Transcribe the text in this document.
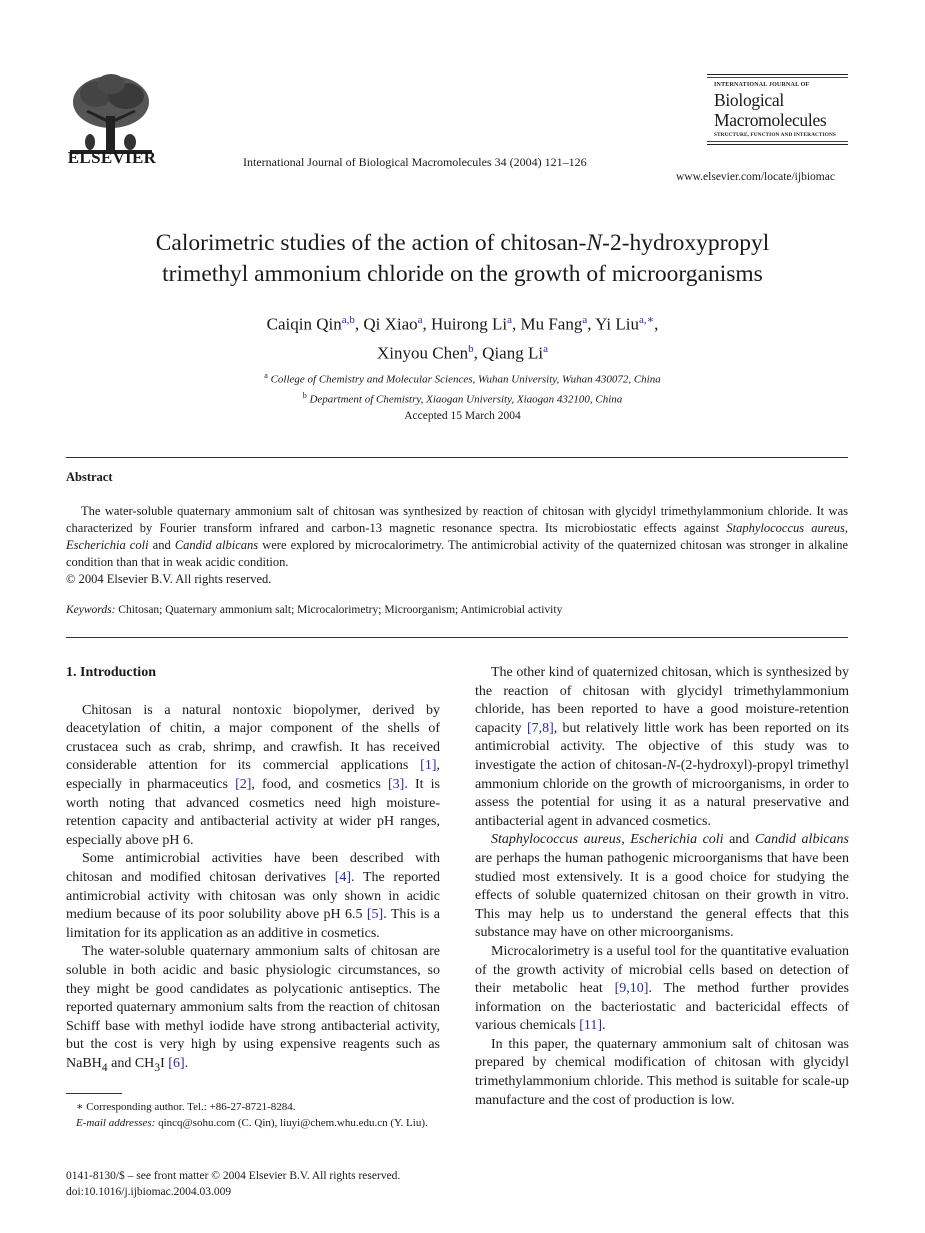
ELSEVIER	International Journal of Biological Macromolecules 34 (2004) 121–126
INTERNATIONAL JOURNAL OF
Biological
Macromolecules
STRUCTURE, FUNCTION AND INTERACTIONS
www.elsevier.com/locate/ijbiomac
Calorimetric studies of the action of chitosan-N-2-hydroxypropyl
trimethyl ammonium chloride on the growth of microorganisms
Caiqin Qin$^{a,b}$, Qi Xiao$^a$, Huirong Li$^a$, Mu Fang$^a$, Yi Liu$^{a,∗}$,
Xinyou Chen$^b$, Qiang Li$^a$
$^a$ College of Chemistry and Molecular Sciences, Wuhan University, Wuhan 430072, China
$^b$ Department of Chemistry, Xiaogan University, Xiaogan 432100, China
Accepted 15 March 2004
Abstract

The water-soluble quaternary ammonium salt of chitosan was synthesized by reaction of chitosan with glycidyl trimethylammonium chloride. It was characterized by Fourier transform infrared and carbon-13 magnetic resonance spectra. Its microbiostatic effects against Staphylococcus aureus, Escherichia coli and Candid albicans were explored by microcalorimetry. The antimicrobial activity of the quaternized chitosan was stronger in alkaline condition than that in weak acidic condition.

© 2004 Elsevier B.V. All rights reserved.

Keywords: Chitosan; Quaternary ammonium salt; Microcalorimetry; Microorganism; Antimicrobial activity
1. Introduction

Chitosan is a natural nontoxic biopolymer, derived by deacetylation of chitin, a major component of the shells of crustacea such as crab, shrimp, and crawfish. It has received considerable attention for its commercial applications [1], especially in pharmaceutics [2], food, and cosmetics [3]. It is worth noting that advanced cosmetics need high moisture-retention capacity and antibacterial activity at wider pH ranges, especially above pH 6.

Some antimicrobial activities have been described with chitosan and modified chitosan derivatives [4]. The reported antimicrobial activity with chitosan was only shown in acidic medium because of its poor solubility above pH 6.5 [5]. This is a limitation for its application as an additive in cosmetics.

The water-soluble quaternary ammonium salts of chitosan are soluble in both acidic and basic physiologic circumstances, so they might be good candidates as polycationic antiseptics. The reported quaternary ammonium salts from the reaction of chitosan Schiff base with methyl iodide have strong antibacterial activity, but the cost is very high by using expensive reagents such as NaBH$_4$ and $CH_3I$ [6].

The other kind of quaternized chitosan, which is synthesized by the reaction of chitosan with glycidyl trimethylammonium chloride, has been reported to have a good moisture-retention capacity [7,8], but relatively little work has been reported on its antimicrobial activity. The objective of this study was to investigate the action of chitosan-N-(2-hydroxyl)-propyl trimethyl ammonium chloride on the growth of microorganisms, in order to assess the potential for using it as a natural preservative and antibacterial agent in advanced cosmetics.

Staphylococcus aureus, Escherichia coli and Candid albicans are perhaps the human pathogenic microorganisms that have been studied most extensively. It is a good choice for studying the effects of soluble quaternized chitosan on their growth in vitro. This may help us to understand the general effects that this substance may have on other microorganisms.

Microcalorimetry is a useful tool for the quantitative evaluation of the growth activity of microbial cells based on detection of their metabolic heat [9,10]. The method further provides information on the bacteriostatic and bactericidal effects of various chemicals [11].

In this paper, the quaternary ammonium salt of chitosan was prepared by chemical modification of chitosan with glycidyl trimethylammonium chloride. This method is suitable for scale-up manufacture and the cost of production is low.

∗ Corresponding author. Tel.: +86-27-8721-8284.
E-mail addresses: qincq@sohu.com (C. Qin), liuyi@chem.whu.edu.cn (Y. Liu).
0141-8130/$ – see front matter © 2004 Elsevier B.V. All rights reserved.
doi:10.1016/j.ijbiomac.2004.03.009
